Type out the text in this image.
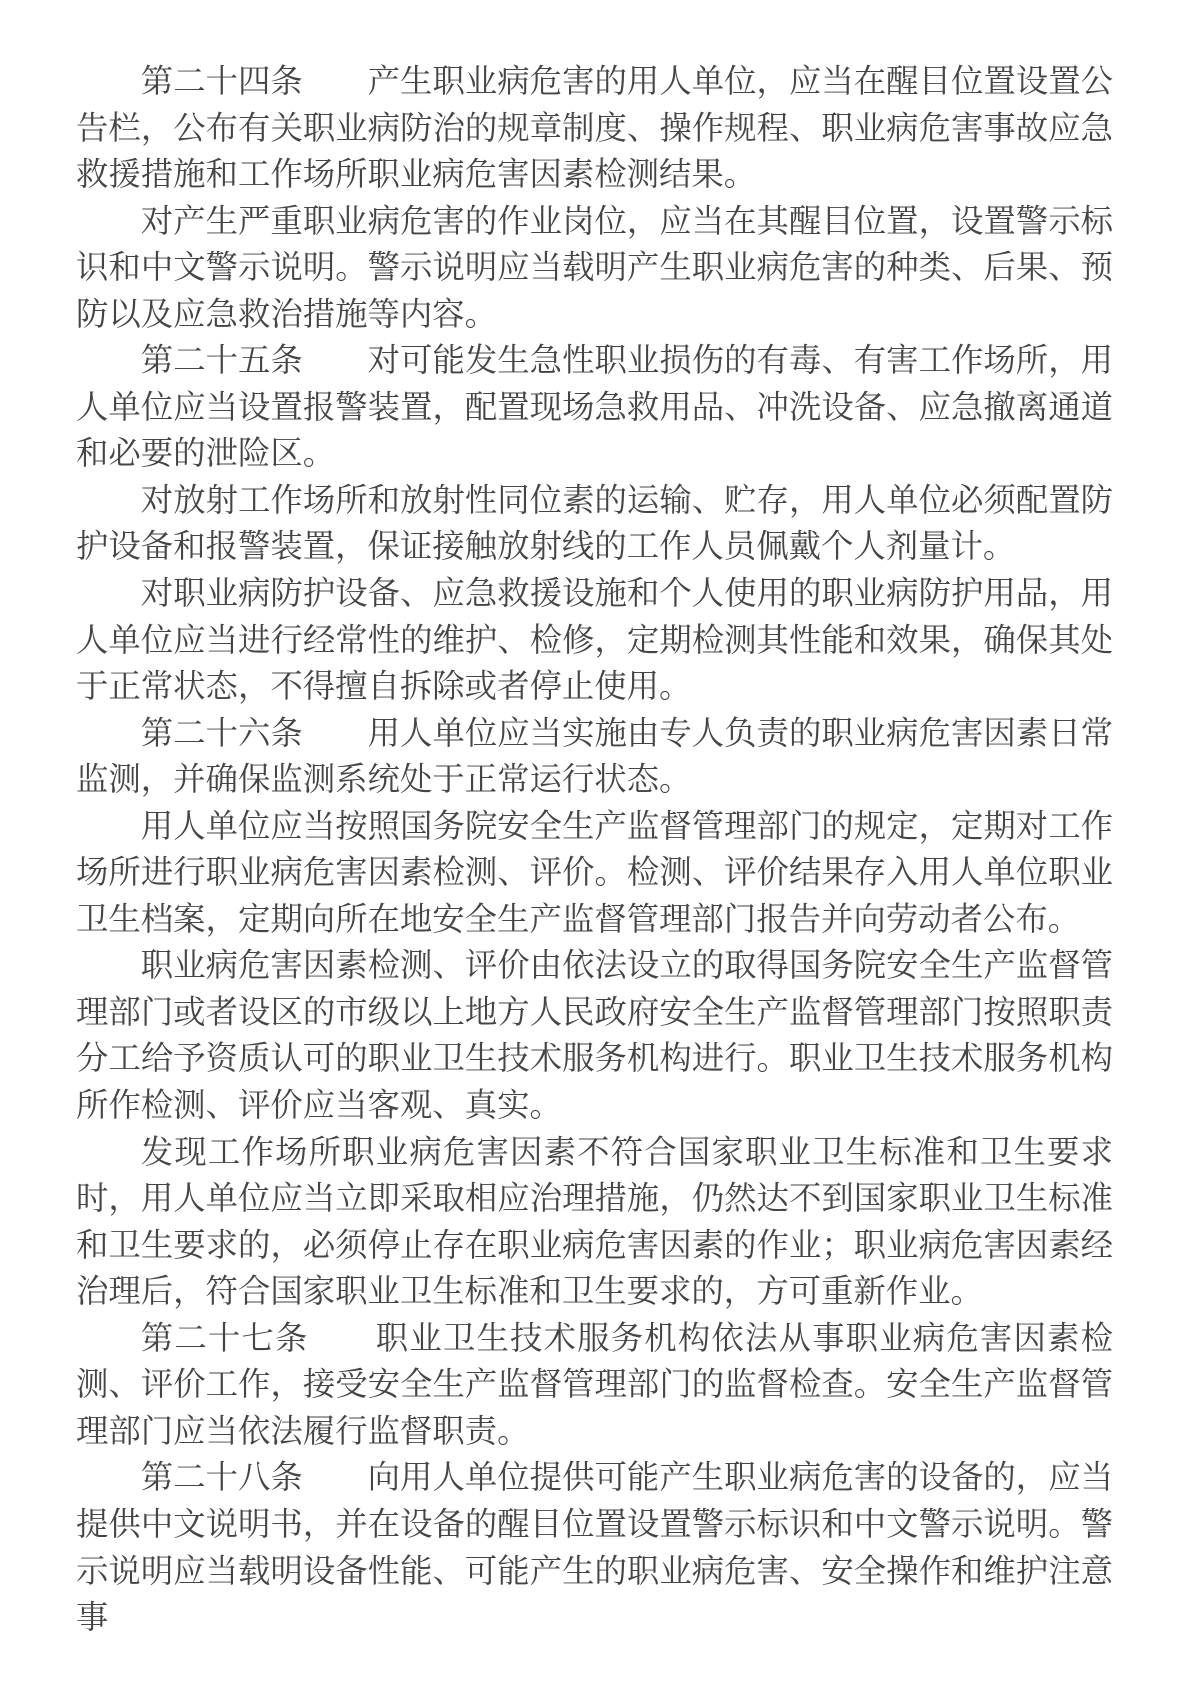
第二十四条　　产生职业病危害的用人单位，应当在醒目位置设置公告栏，公布有关职业病防治的规章制度、操作规程、职业病危害事故应急救援措施和工作场所职业病危害因素检测结果。

对产生严重职业病危害的作业岗位，应当在其醒目位置，设置警示标识和中文警示说明。警示说明应当载明产生职业病危害的种类、后果、预防以及应急救治措施等内容。

第二十五条　　对可能发生急性职业损伤的有毒、有害工作场所，用人单位应当设置报警装置，配置现场急救用品、冲洗设备、应急撤离通道和必要的泄险区。

对放射工作场所和放射性同位素的运输、贮存，用人单位必须配置防护设备和报警装置，保证接触放射线的工作人员佩戴个人剂量计。

对职业病防护设备、应急救援设施和个人使用的职业病防护用品，用人单位应当进行经常性的维护、检修，定期检测其性能和效果，确保其处于正常状态，不得擅自拆除或者停止使用。

第二十六条　　用人单位应当实施由专人负责的职业病危害因素日常监测，并确保监测系统处于正常运行状态。

用人单位应当按照国务院安全生产监督管理部门的规定，定期对工作场所进行职业病危害因素检测、评价。检测、评价结果存入用人单位职业卫生档案，定期向所在地安全生产监督管理部门报告并向劳动者公布。

职业病危害因素检测、评价由依法设立的取得国务院安全生产监督管理部门或者设区的市级以上地方人民政府安全生产监督管理部门按照职责分工给予资质认可的职业卫生技术服务机构进行。职业卫生技术服务机构所作检测、评价应当客观、真实。

发现工作场所职业病危害因素不符合国家职业卫生标准和卫生要求时，用人单位应当立即采取相应治理措施，仍然达不到国家职业卫生标准和卫生要求的，必须停止存在职业病危害因素的作业；职业病危害因素经治理后，符合国家职业卫生标准和卫生要求的，方可重新作业。

第二十七条　　职业卫生技术服务机构依法从事职业病危害因素检测、评价工作，接受安全生产监督管理部门的监督检查。安全生产监督管理部门应当依法履行监督职责。

第二十八条　　向用人单位提供可能产生职业病危害的设备的，应当提供中文说明书，并在设备的醒目位置设置警示标识和中文警示说明。警示说明应当载明设备性能、可能产生的职业病危害、安全操作和维护注意事
